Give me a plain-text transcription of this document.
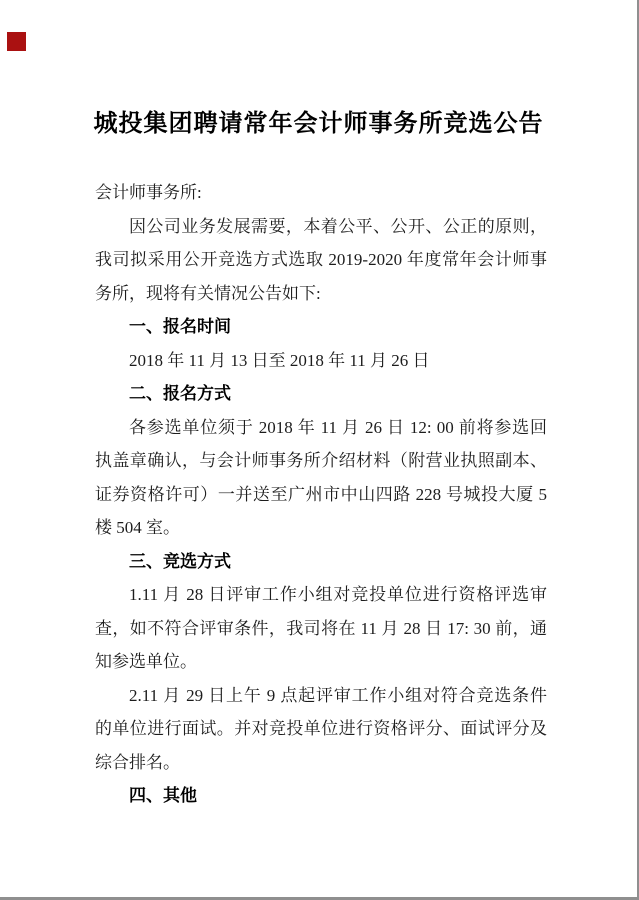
城投集团聘请常年会计师事务所竞选公告
会计师事务所:
因公司业务发展需要，本着公平、公开、公正的原则，
我司拟采用公开竞选方式选取 2019-2020 年度常年会计师事
务所，现将有关情况公告如下:
一、报名时间
2018 年 11 月 13 日至 2018 年 11 月 26 日
二、报名方式
各参选单位须于 2018 年 11 月 26 日 12: 00 前将参选回
执盖章确认，与会计师事务所介绍材料（附营业执照副本、
证券资格许可）一并送至广州市中山四路 228 号城投大厦 5
楼 504 室。
三、竞选方式
1.11 月 28 日评审工作小组对竞投单位进行资格评选审
查，如不符合评审条件，我司将在 11 月 28 日 17: 30 前，通
知参选单位。
2.11 月 29 日上午 9 点起评审工作小组对符合竞选条件
的单位进行面试。并对竞投单位进行资格评分、面试评分及
综合排名。
四、其他
